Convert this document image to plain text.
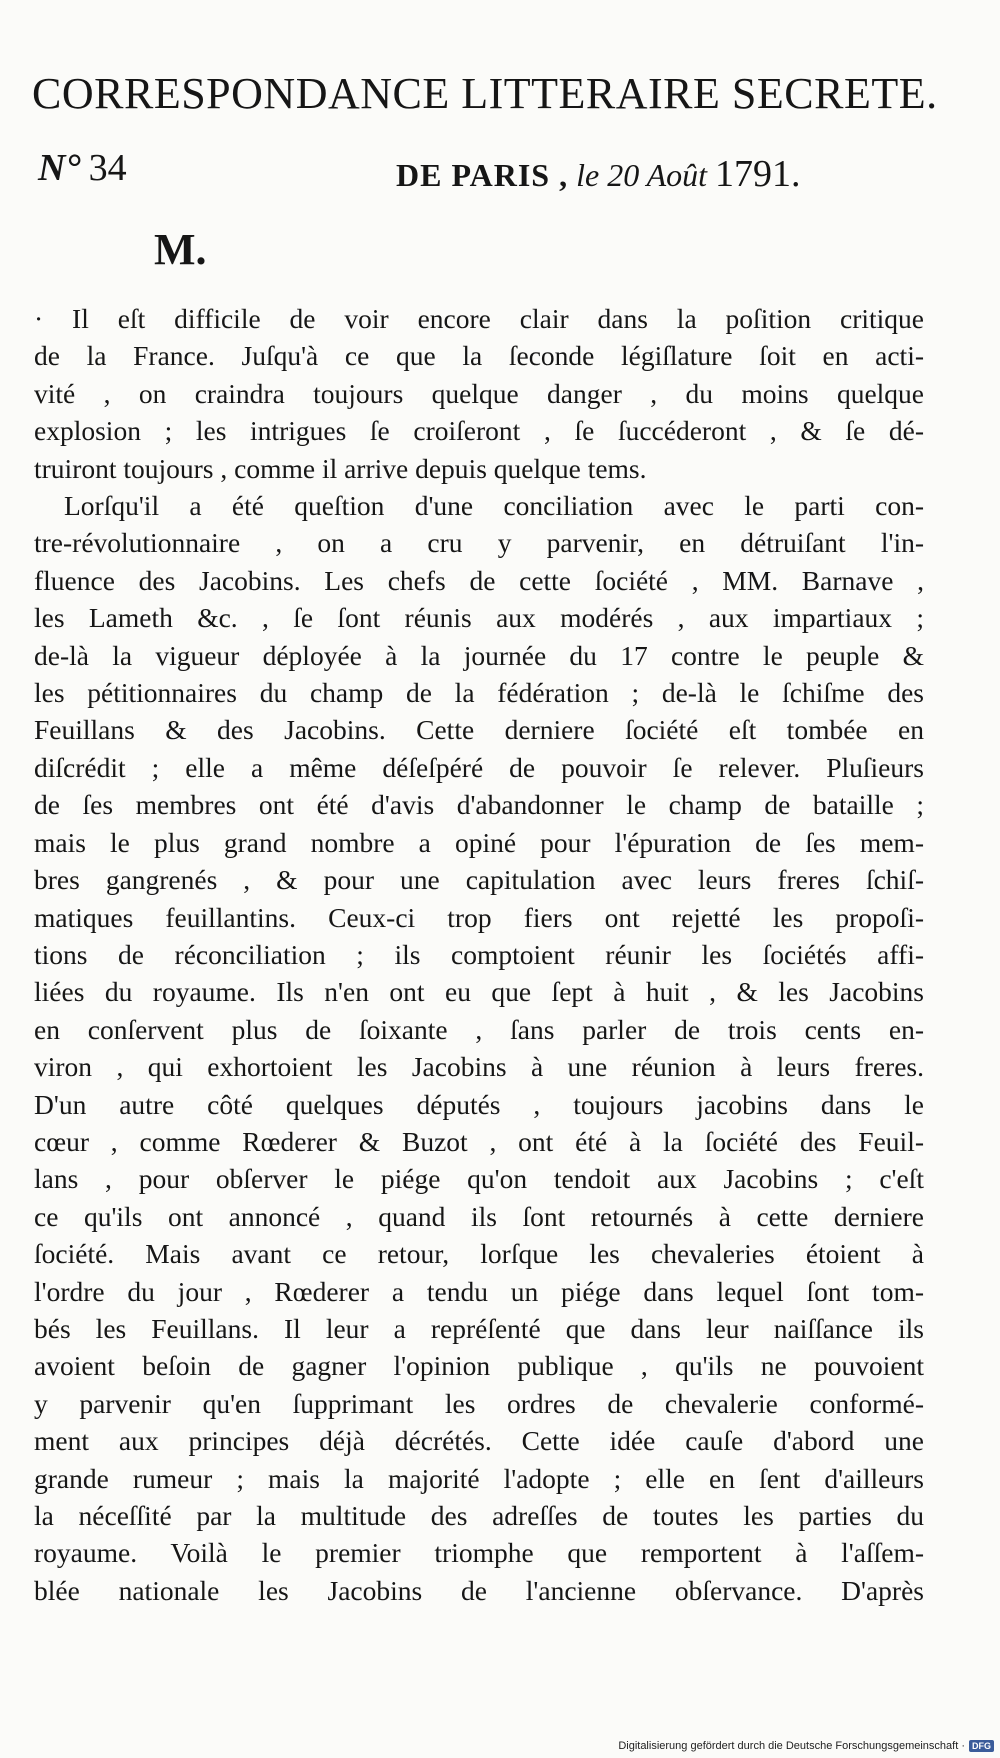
CORRESPONDANCE LITTERAIRE SECRETE.
N° 34	DE PARIS , le 20 Août 1791.
M.
· Il eſt difficile de voir encore clair dans la poſition critique
de la France. Juſqu'à ce que la ſeconde légiſlature ſoit en acti-
vité , on craindra toujours quelque danger , du moins quelque
explosion ; les intrigues ſe croiſeront , ſe ſuccéderont , & ſe dé-
truiront toujours , comme il arrive depuis quelque tems.
Lorſqu'il a été queſtion d'une conciliation avec le parti con-
tre-révolutionnaire , on a cru y parvenir, en détruiſant l'in-
fluence des Jacobins. Les chefs de cette ſociété , MM. Barnave ,
les Lameth &c. , ſe ſont réunis aux modérés , aux impartiaux ;
de-là la vigueur déployée à la journée du 17 contre le peuple &
les pétitionnaires du champ de la fédération ; de-là le ſchiſme des
Feuillans & des Jacobins. Cette derniere ſociété eſt tombée en
diſcrédit ; elle a même déſeſpéré de pouvoir ſe relever. Pluſieurs
de ſes membres ont été d'avis d'abandonner le champ de bataille ;
mais le plus grand nombre a opiné pour l'épuration de ſes mem-
bres gangrenés , & pour une capitulation avec leurs freres ſchiſ-
matiques feuillantins. Ceux-ci trop fiers ont rejetté les propoſi-
tions de réconciliation ; ils comptoient réunir les ſociétés affi-
liées du royaume. Ils n'en ont eu que ſept à huit , & les Jacobins
en conſervent plus de ſoixante , ſans parler de trois cents en-
viron , qui exhortoient les Jacobins à une réunion à leurs freres.
D'un autre côté quelques députés , toujours jacobins dans le
cœur , comme Rœderer & Buzot , ont été à la ſociété des Feuil-
lans , pour obſerver le piége qu'on tendoit aux Jacobins ; c'eſt
ce qu'ils ont annoncé , quand ils ſont retournés à cette derniere
ſociété. Mais avant ce retour, lorſque les chevaleries étoient à
l'ordre du jour , Rœderer a tendu un piége dans lequel ſont tom-
bés les Feuillans. Il leur a repréſenté que dans leur naiſſance ils
avoient beſoin de gagner l'opinion publique , qu'ils ne pouvoient
y parvenir qu'en ſupprimant les ordres de chevalerie conformé-
ment aux principes déjà décrétés. Cette idée cauſe d'abord une
grande rumeur ; mais la majorité l'adopte ; elle en ſent d'ailleurs
la néceſſité par la multitude des adreſſes de toutes les parties du
royaume. Voilà le premier triomphe que remportent à l'aſſem-
blée nationale les Jacobins de l'ancienne obſervance. D'après
Digitalisierung gefördert durch die Deutsche Forschungsgemeinschaft · DFG
